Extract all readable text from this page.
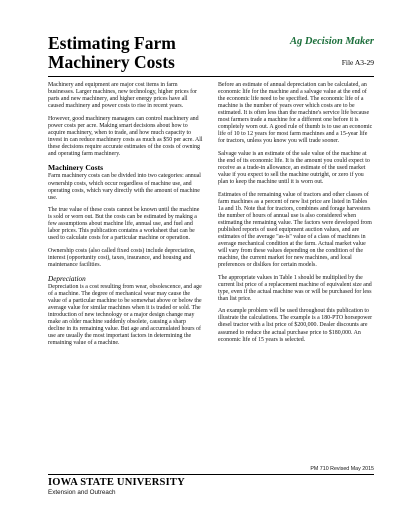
Estimating Farm
Machinery Costs
Ag Decision Maker
File A3-29

Machinery and equipment are major cost items in farm businesses. Larger machines, new technology, higher prices for parts and new machinery, and higher energy prices have all caused machinery and power costs to rise in recent years.

However, good machinery managers can control machinery and power costs per acre. Making smart decisions about how to acquire machinery, when to trade, and how much capacity to invest in can reduce machinery costs as much as $50 per acre. All these decisions require accurate estimates of the costs of owning and operating farm machinery.

Machinery Costs

Farm machinery costs can be divided into two categories: annual ownership costs, which occur regardless of machine use, and operating costs, which vary directly with the amount of machine use.

The true value of these costs cannot be known until the machine is sold or worn out. But the costs can be estimated by making a few assumptions about machine life, annual use, and fuel and labor prices. This publication contains a worksheet that can be used to calculate costs for a particular machine or operation.

Ownership costs (also called fixed costs) include depreciation, interest (opportunity cost), taxes, insurance, and housing and maintenance facilities.

Depreciation

Depreciation is a cost resulting from wear, obsolescence, and age of a machine. The degree of mechanical wear may cause the value of a particular machine to be somewhat above or below the average value for similar machines when it is traded or sold. The introduction of new technology or a major design change may make an older machine suddenly obsolete, causing a sharp decline in its remaining value. But age and accumulated hours of use are usually the most important factors in determining the remaining value of a machine.

Before an estimate of annual depreciation can be calculated, an economic life for the machine and a salvage value at the end of the economic life need to be specified. The economic life of a machine is the number of years over which costs are to be estimated. It is often less than the machine's service life because most farmers trade a machine for a different one before it is completely worn out. A good rule of thumb is to use an economic life of 10 to 12 years for most farm machines and a 15-year life for tractors, unless you know you will trade sooner.

Salvage value is an estimate of the sale value of the machine at the end of its economic life. It is the amount you could expect to receive as a trade-in allowance, an estimate of the used market value if you expect to sell the machine outright, or zero if you plan to keep the machine until it is worn out.

Estimates of the remaining value of tractors and other classes of farm machines as a percent of new list price are listed in Tables 1a and 1b. Note that for tractors, combines and forage harvesters the number of hours of annual use is also considered when estimating the remaining value. The factors were developed from published reports of used equipment auction values, and are estimates of the average "as-is" value of a class of machines in average mechanical condition at the farm. Actual market value will vary from these values depending on the condition of the machine, the current market for new machines, and local preferences or dislikes for certain models.

The appropriate values in Table 1 should be multiplied by the current list price of a replacement machine of equivalent size and type, even if the actual machine was or will be purchased for less than list price.

An example problem will be used throughout this publication to illustrate the calculations. The example is a 180-PTO horsepower diesel tractor with a list price of $200,000. Dealer discounts are assumed to reduce the actual purchase price to $180,000. An economic life of 15 years is selected.

PM 710 Revised May 2015
IOWA STATE UNIVERSITY
Extension and Outreach
